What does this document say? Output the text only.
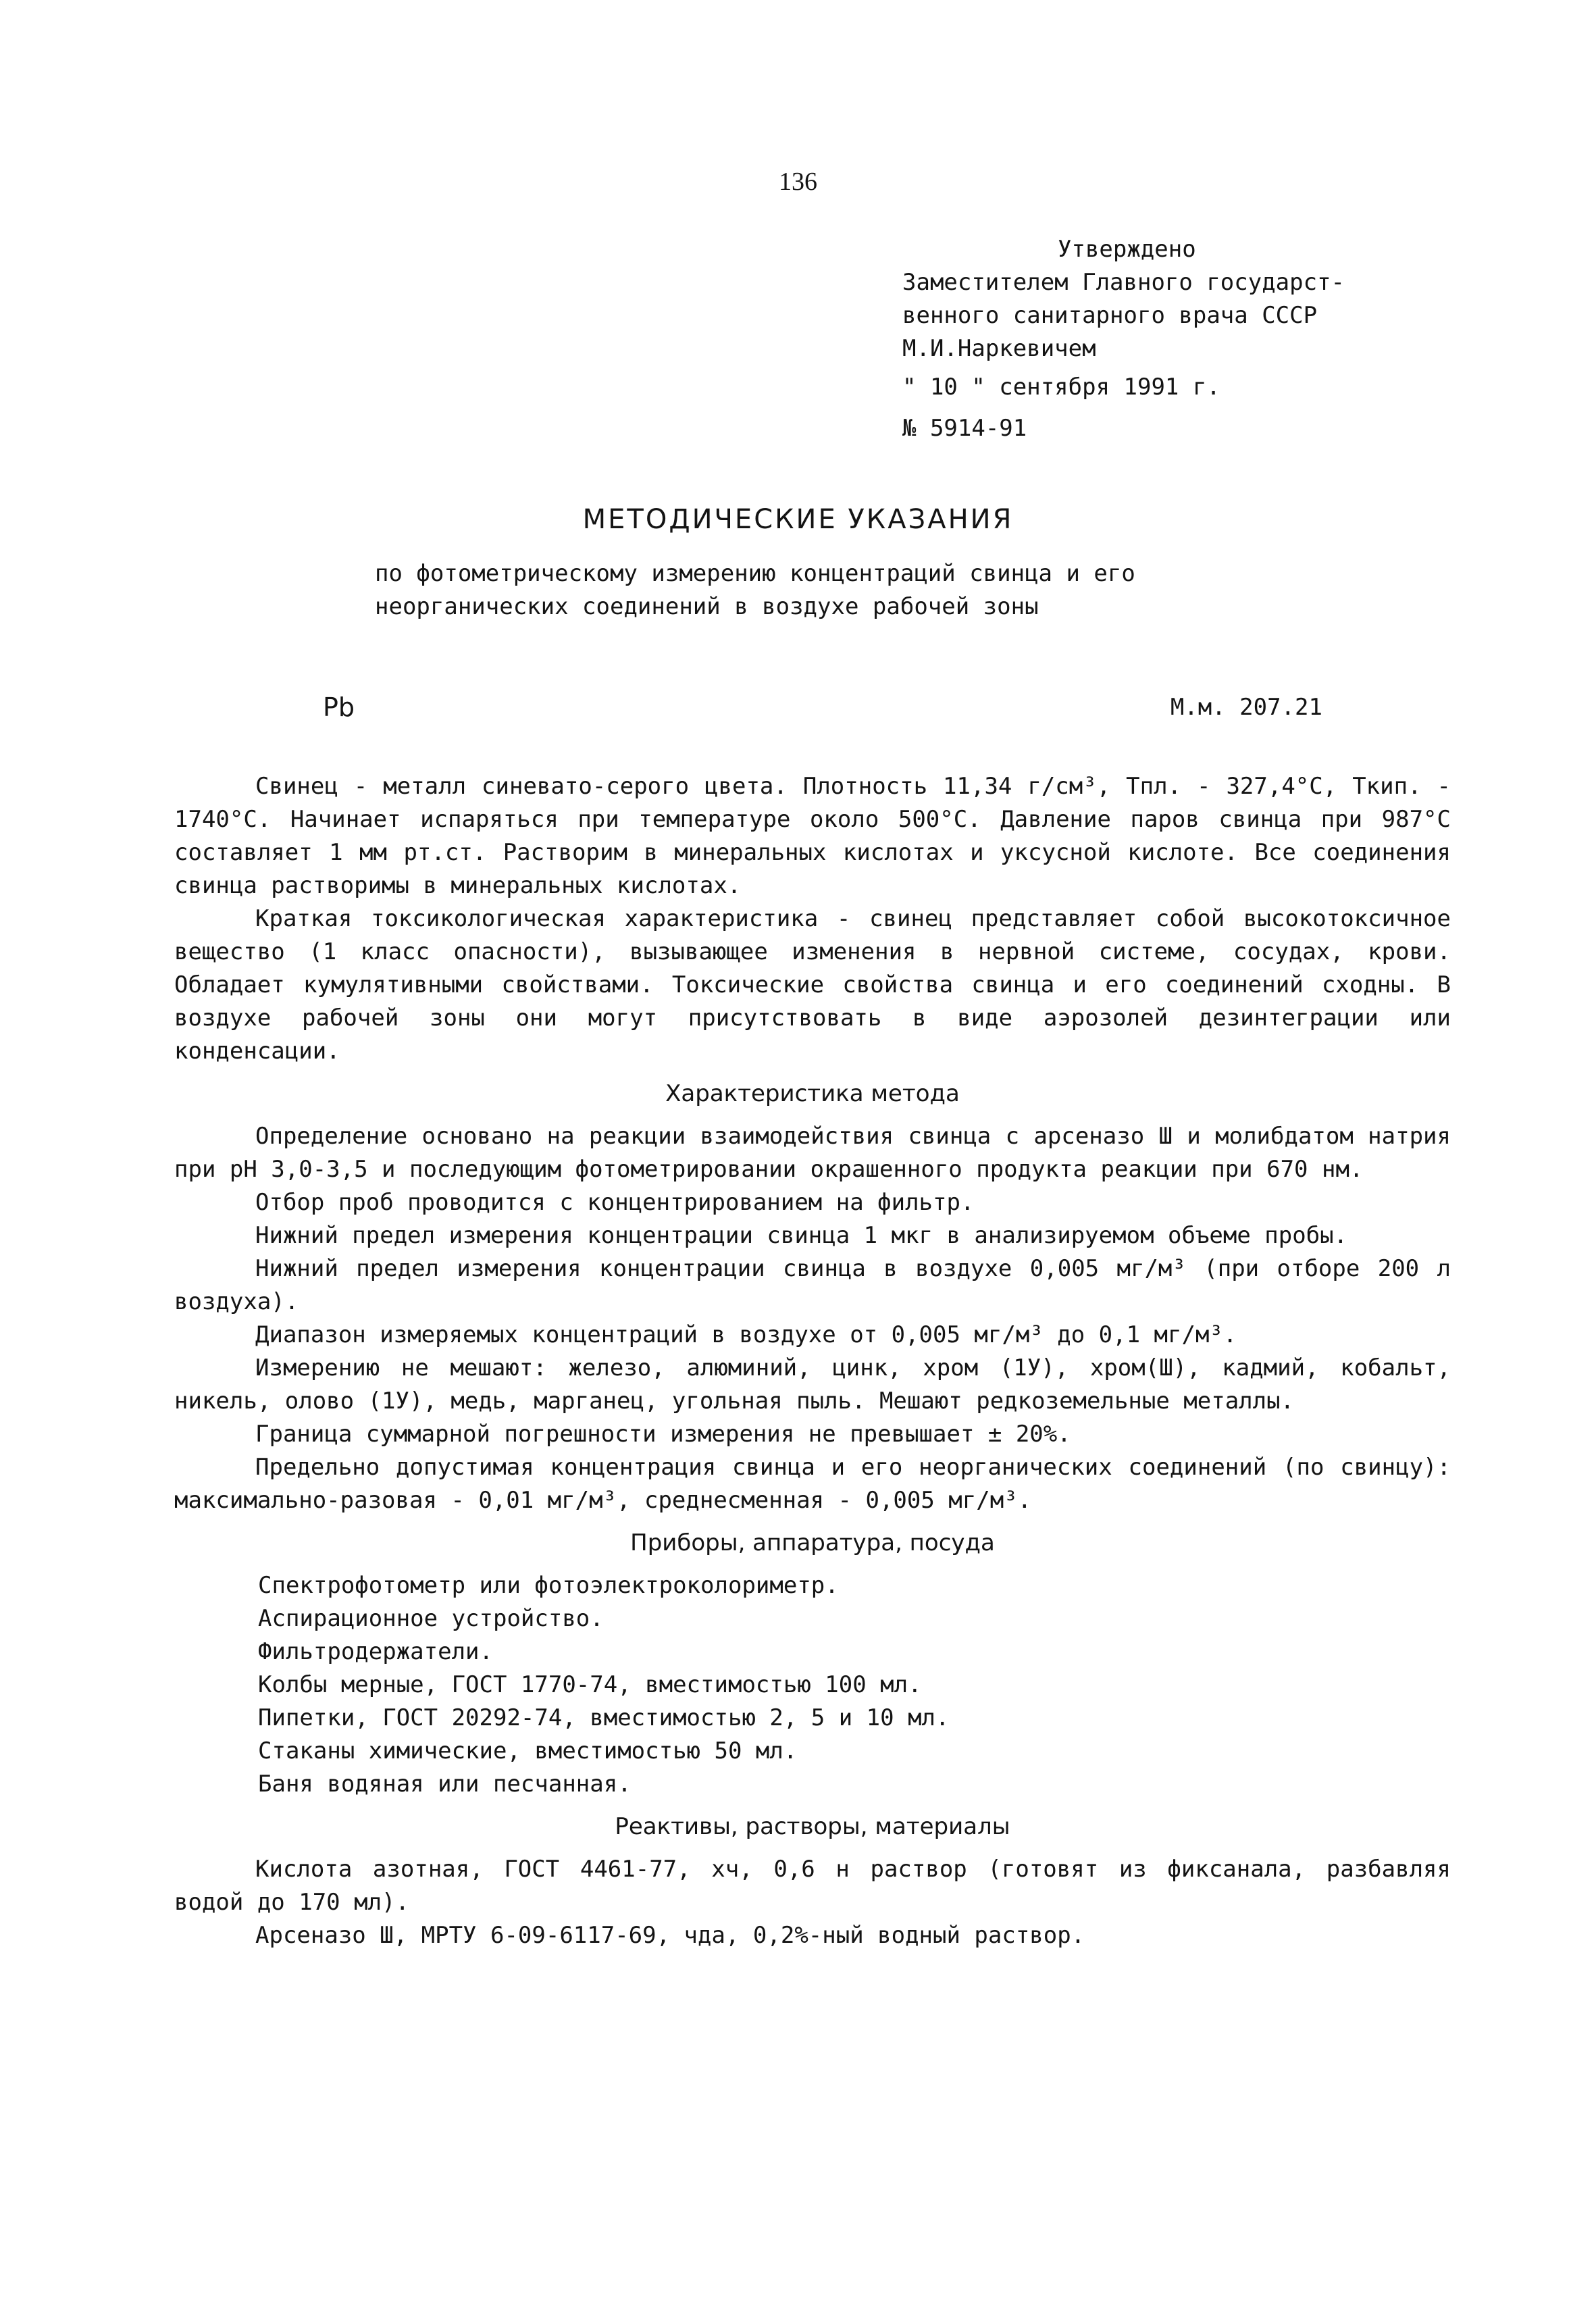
136
Утверждено
Заместителем Главного государст-
венного санитарного врача СССР
М.И.Наркевичем
" 10 " сентября 1991 г.
№ 5914-91
МЕТОДИЧЕСКИЕ УКАЗАНИЯ
по фотометрическому измерению концентраций свинца и его
неорганических соединений в воздухе рабочей зоны
Pb	М.м. 207.21

Свинец - металл синевато-серого цвета. Плотность 11,34 г/см³, Тпл. - 327,4°С, Ткип. - 1740°С. Начинает испаряться при температуре около 500°С. Давление паров свинца при 987°С составляет 1 мм рт.ст. Растворим в минеральных кислотах и уксусной кислоте. Все соединения свинца растворимы в минеральных кислотах.

Краткая токсикологическая характеристика - свинец представляет собой высокотоксичное вещество (1 класс опасности), вызывающее изменения в нервной системе, сосудах, крови. Обладает кумулятивными свойствами. Токсические свойства свинца и его соединений сходны. В воздухе рабочей зоны они могут присутствовать в виде аэрозолей дезинтеграции или конденсации.

Характеристика метода

Определение основано на реакции взаимодействия свинца с арсеназо Ш и молибдатом натрия при pH 3,0-3,5 и последующим фотометрировании окрашенного продукта реакции при 670 нм.

Отбор проб проводится с концентрированием на фильтр.

Нижний предел измерения концентрации свинца 1 мкг в анализируемом объеме пробы.

Нижний предел измерения концентрации свинца в воздухе 0,005 мг/м³ (при отборе 200 л воздуха).

Диапазон измеряемых концентраций в воздухе от 0,005 мг/м³ до 0,1 мг/м³.

Измерению не мешают: железо, алюминий, цинк, хром (1У), хром(Ш), кадмий, кобальт, никель, олово (1У), медь, марганец, угольная пыль. Мешают редкоземельные металлы.

Граница суммарной погрешности измерения не превышает ± 20%.

Предельно допустимая концентрация свинца и его неорганических соединений (по свинцу): максимально-разовая - 0,01 мг/м³, среднесменная - 0,005 мг/м³.

Приборы, аппаратура, посуда
Спектрофотометр или фотоэлектроколориметр.
Аспирационное устройство.
Фильтродержатели.
Колбы мерные, ГОСТ 1770-74, вместимостью 100 мл.
Пипетки, ГОСТ 20292-74, вместимостью 2, 5 и 10 мл.
Стаканы химические, вместимостью 50 мл.
Баня водяная или песчанная.
Реактивы, растворы, материалы

Кислота азотная, ГОСТ 4461-77, хч, 0,6 н раствор (готовят из фиксанала, разбавляя водой до 170 мл).

Арсеназо Ш, МРТУ 6-09-6117-69, чда, 0,2%-ный водный раствор.
